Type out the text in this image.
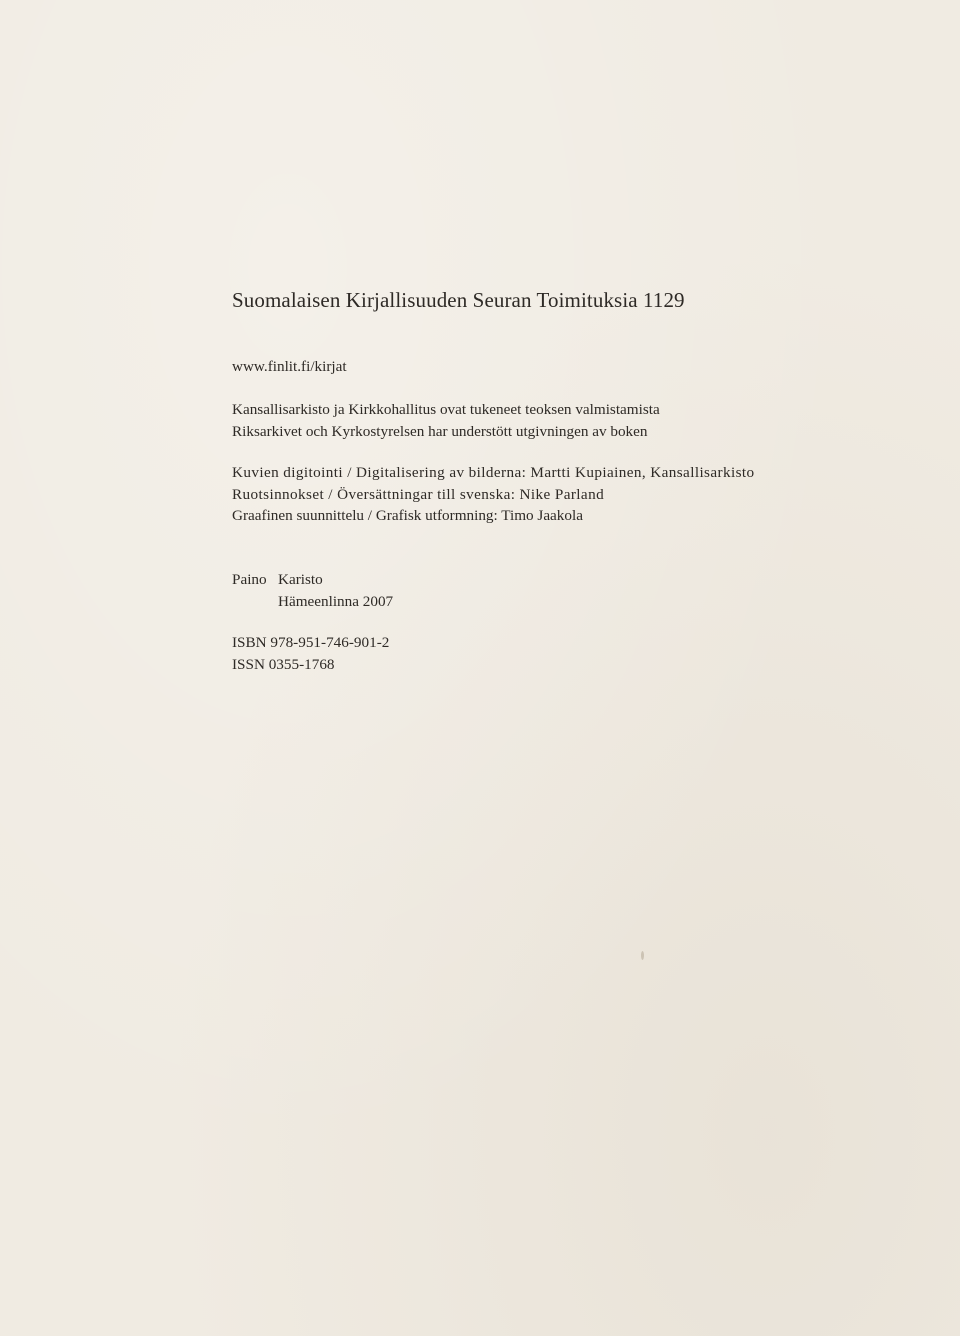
Suomalaisen Kirjallisuuden Seuran Toimituksia 1129
www.finlit.fi/kirjat
Kansallisarkisto ja Kirkkohallitus ovat tukeneet teoksen valmistamista
Riksarkivet och Kyrkostyrelsen har understött utgivningen av boken
Kuvien digitointi / Digitalisering av bilderna: Martti Kupiainen, Kansallisarkisto
Ruotsinnokset / Översättningar till svenska: Nike Parland
Graafinen suunnittelu / Grafisk utformning: Timo Jaakola
Paino Karisto
Hämeenlinna 2007
ISBN 978-951-746-901-2
ISSN 0355-1768
